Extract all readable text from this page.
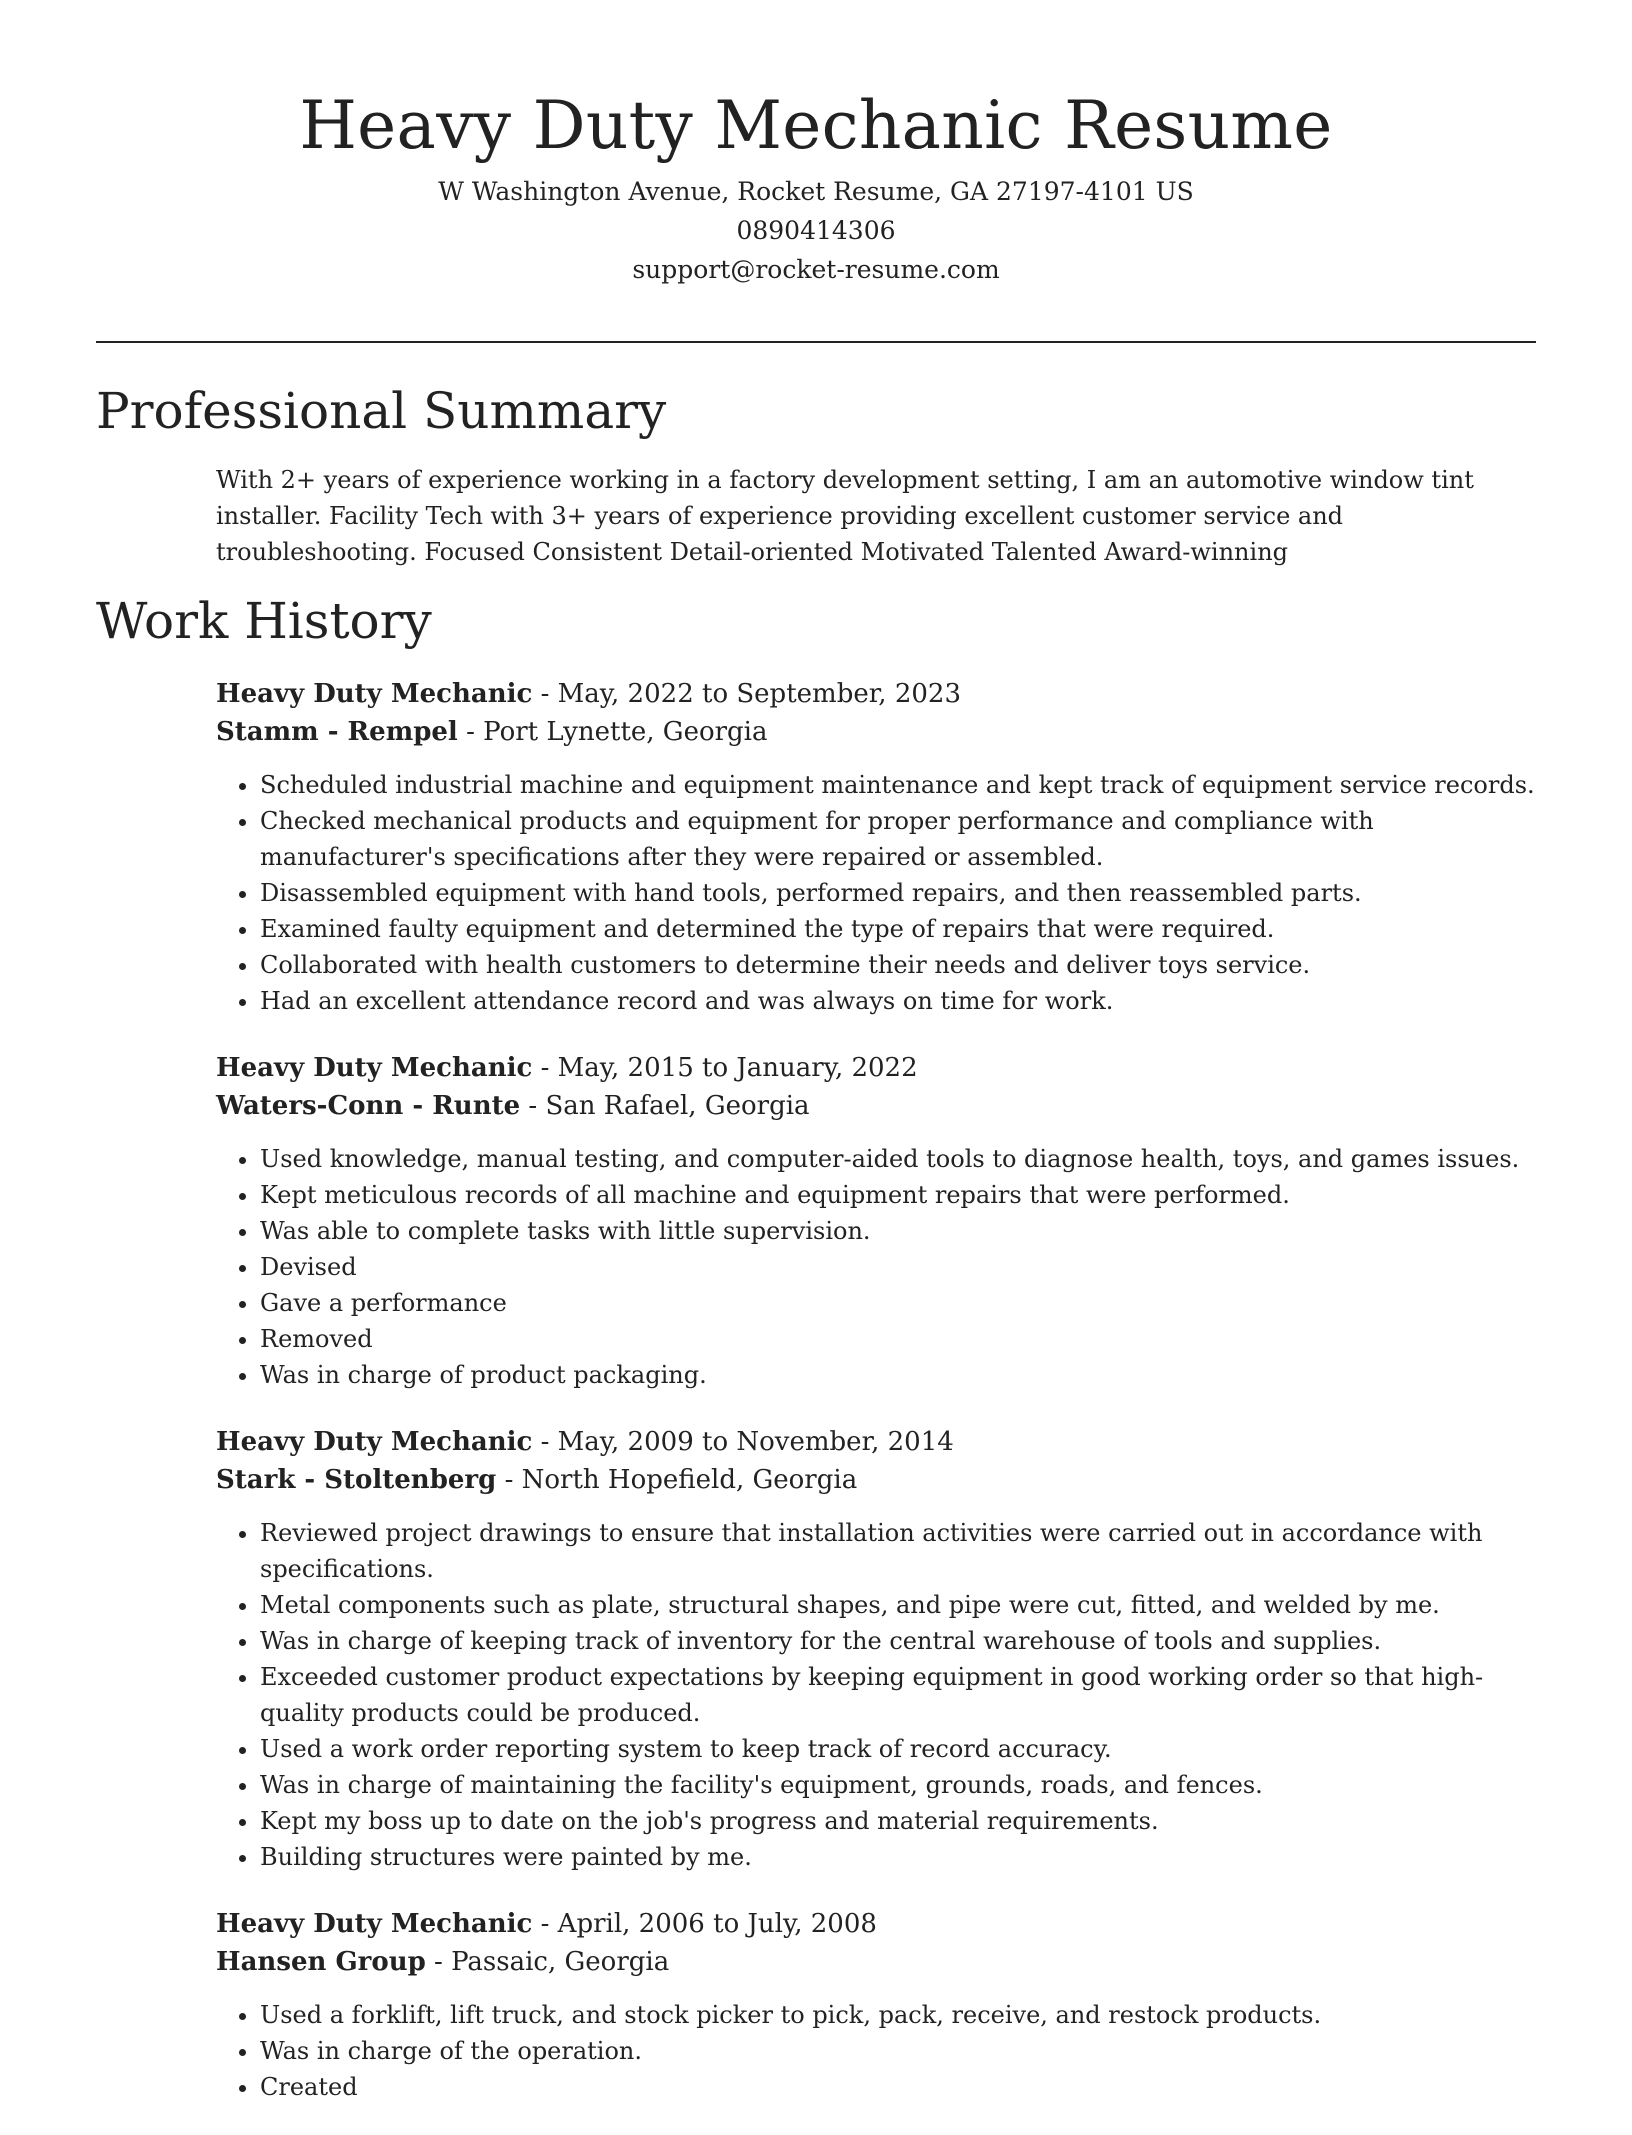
Heavy Duty Mechanic Resume
W Washington Avenue, Rocket Resume, GA 27197-4101 US
0890414306
support@rocket-resume.com
Professional Summary

With 2+ years of experience working in a factory development setting, I am an automotive window tint installer. Facility Tech with 3+ years of experience providing excellent customer service and troubleshooting. Focused Consistent Detail-oriented Motivated Talented Award-winning

Work History
Heavy Duty Mechanic - May, 2022 to September, 2023
Stamm - Rempel - Port Lynette, Georgia
• Scheduled industrial machine and equipment maintenance and kept track of equipment service records.
• Checked mechanical products and equipment for proper performance and compliance with manufacturer's specifications after they were repaired or assembled.
• Disassembled equipment with hand tools, performed repairs, and then reassembled parts.
• Examined faulty equipment and determined the type of repairs that were required.
• Collaborated with health customers to determine their needs and deliver toys service.
• Had an excellent attendance record and was always on time for work.
Heavy Duty Mechanic - May, 2015 to January, 2022
Waters-Conn - Runte - San Rafael, Georgia
• Used knowledge, manual testing, and computer-aided tools to diagnose health, toys, and games issues.
• Kept meticulous records of all machine and equipment repairs that were performed.
• Was able to complete tasks with little supervision.
• Devised
• Gave a performance
• Removed
• Was in charge of product packaging.
Heavy Duty Mechanic - May, 2009 to November, 2014
Stark - Stoltenberg - North Hopefield, Georgia
• Reviewed project drawings to ensure that installation activities were carried out in accordance with specifications.
• Metal components such as plate, structural shapes, and pipe were cut, fitted, and welded by me.
• Was in charge of keeping track of inventory for the central warehouse of tools and supplies.
• Exceeded customer product expectations by keeping equipment in good working order so that high-quality products could be produced.
• Used a work order reporting system to keep track of record accuracy.
• Was in charge of maintaining the facility's equipment, grounds, roads, and fences.
• Kept my boss up to date on the job's progress and material requirements.
• Building structures were painted by me.
Heavy Duty Mechanic - April, 2006 to July, 2008
Hansen Group - Passaic, Georgia
• Used a forklift, lift truck, and stock picker to pick, pack, receive, and restock products.
• Was in charge of the operation.
• Created
